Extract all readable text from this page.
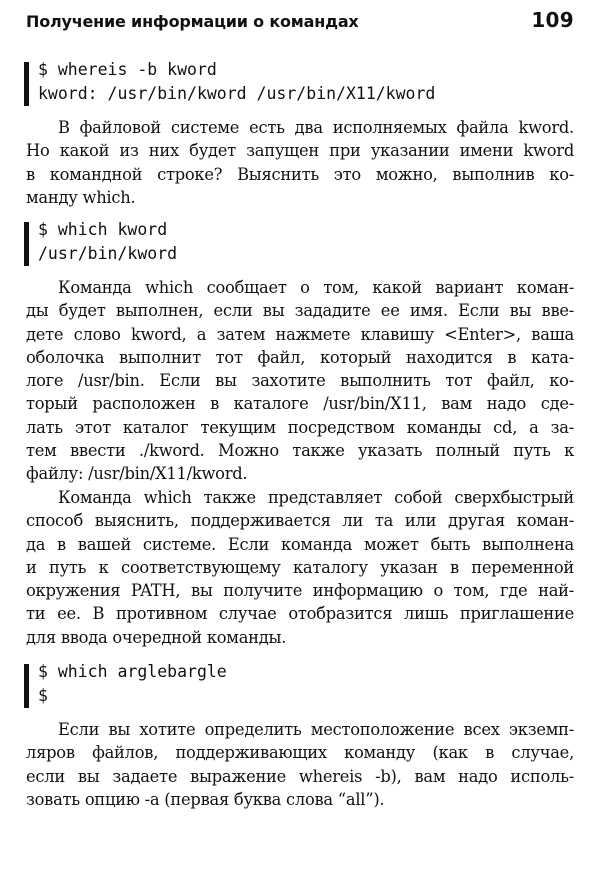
Получение информации о командах	109

$ whereis -b kword

kword: /usr/bin/kword /usr/bin/X11/kword

В файловой системе есть два исполняемых файла kword.
Но какой из них будет запущен при указании имени kword
в командной строке? Выяснить это можно, выполнив ко-
манду which.

$ which kword

/usr/bin/kword

Команда which сообщает о том, какой вариант коман-
ды будет выполнен, если вы зададите ее имя. Если вы вве-
дете слово kword, а затем нажмете клавишу <Enter>, ваша
оболочка выполнит тот файл, который находится в ката-
логе /usr/bin. Если вы захотите выполнить тот файл, ко-
торый расположен в каталоге /usr/bin/X11, вам надо сде-
лать этот каталог текущим посредством команды cd, а за-
тем ввести ./kword. Можно также указать полный путь к
файлу: /usr/bin/X11/kword.
Команда which также представляет собой сверхбыстрый
способ выяснить, поддерживается ли та или другая коман-
да в вашей системе. Если команда может быть выполнена
и путь к соответствующему каталогу указан в переменной
окружения PATH, вы получите информацию о том, где най-
ти ее. В противном случае отобразится лишь приглашение
для ввода очередной команды.

$ which arglebargle

$

Если вы хотите определить местоположение всех экземп-
ляров файлов, поддерживающих команду (как в случае,
если вы задаете выражение whereis -b), вам надо исполь-
зовать опцию -a (первая буква слова “all”).
